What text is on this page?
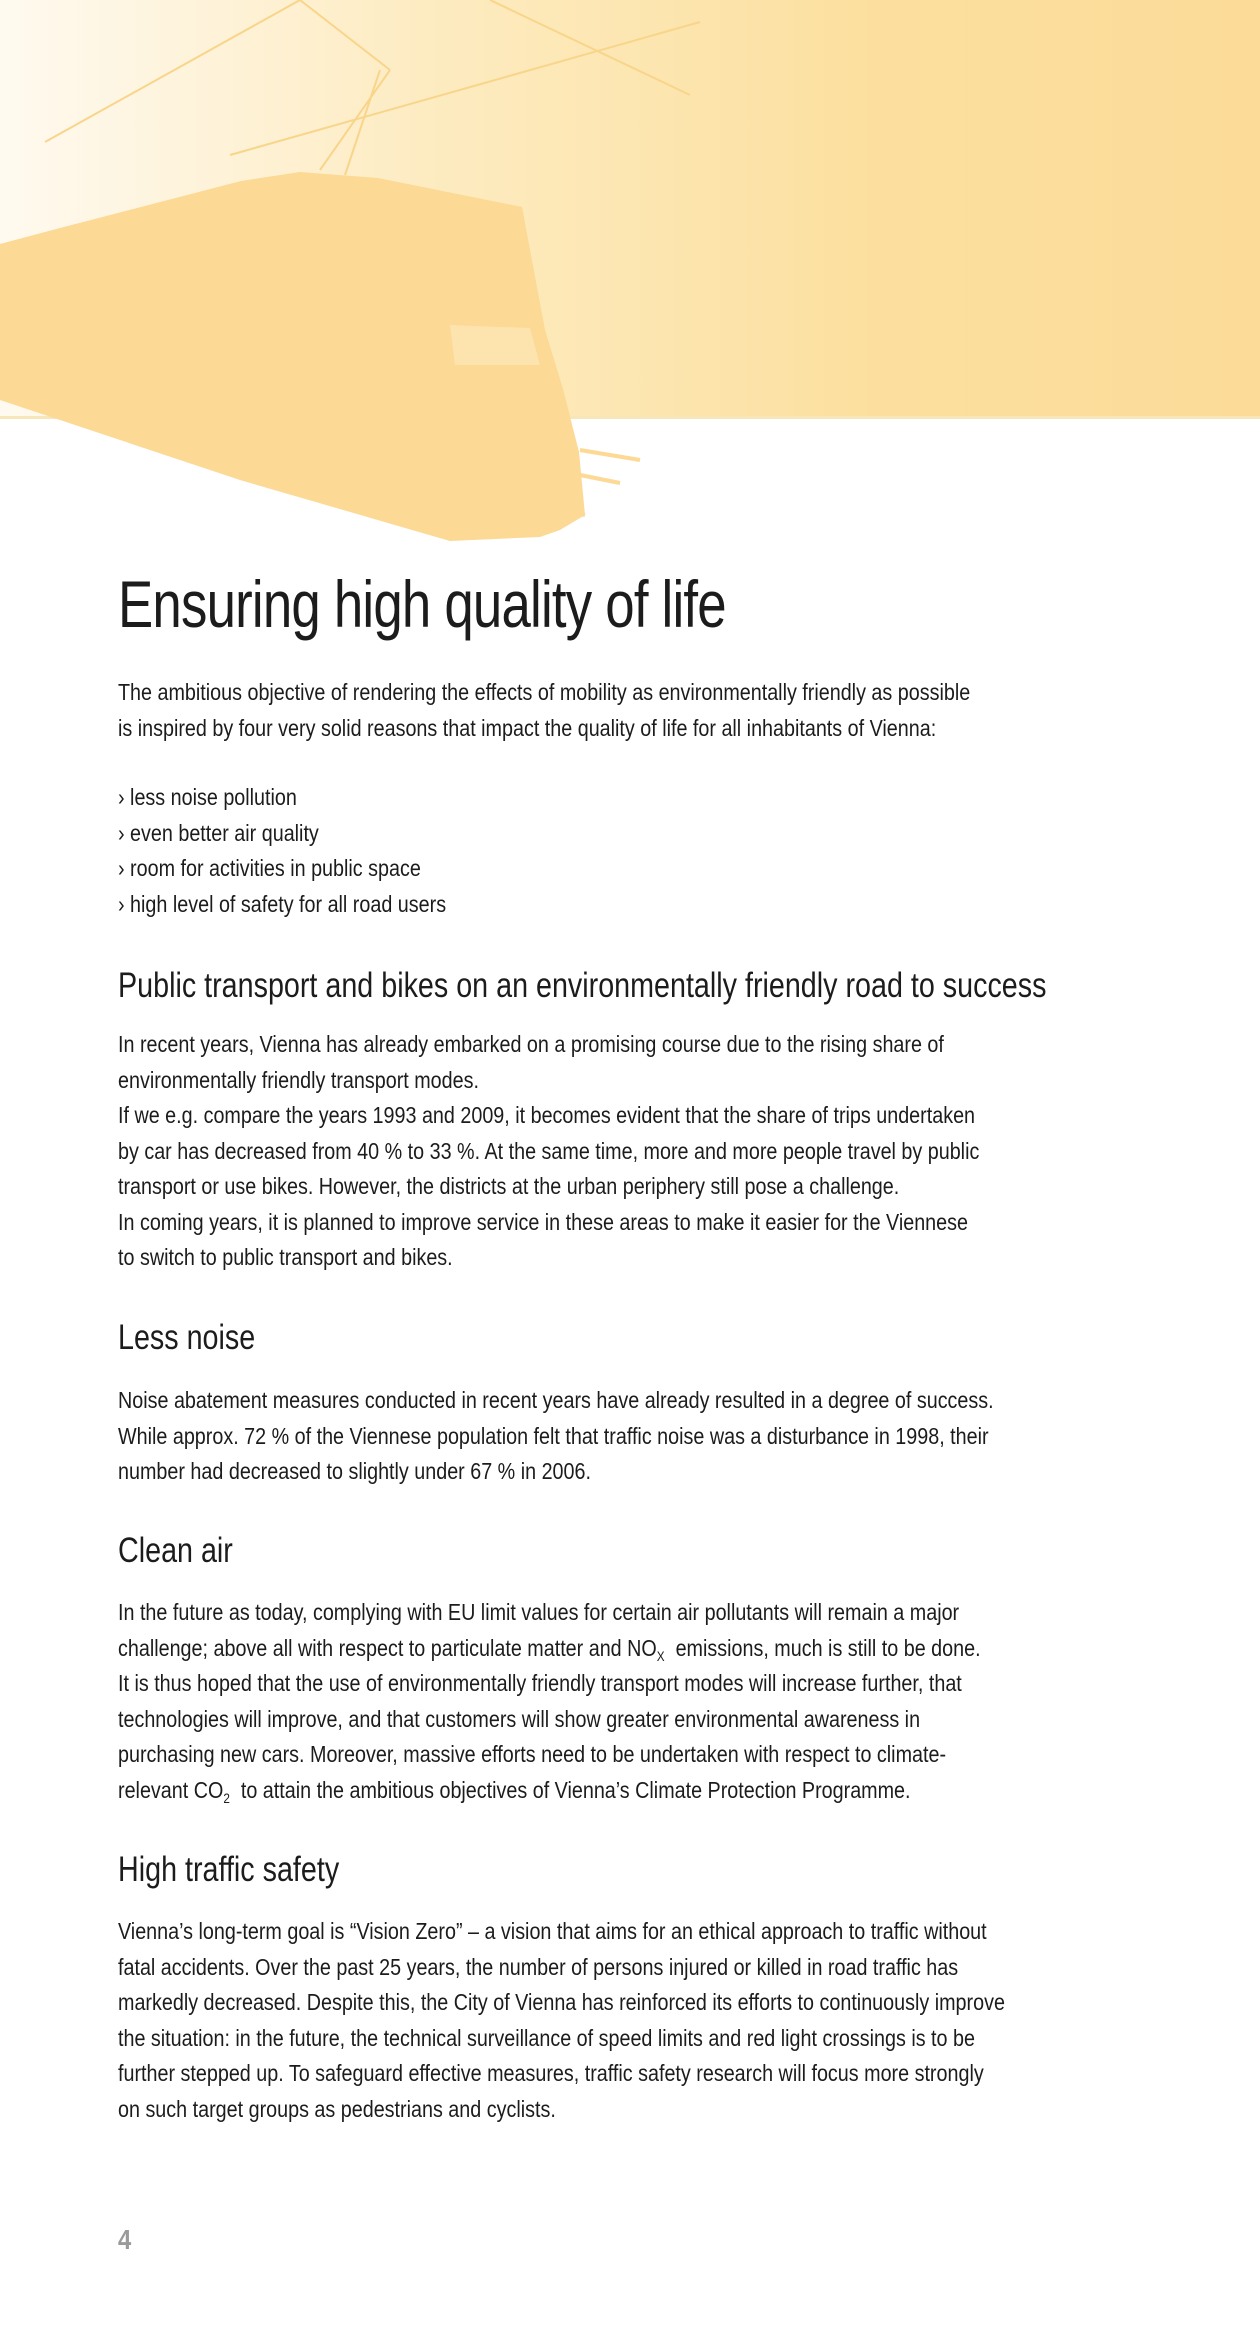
Ensuring high quality of life
The ambitious objective of rendering the effects of mobility as environmentally friendly as possible
is inspired by four very solid reasons that impact the quality of life for all inhabitants of Vienna:
› less noise pollution
› even better air quality
› room for activities in public space
› high level of safety for all road users
Public transport and bikes on an environmentally friendly road to success
In recent years, Vienna has already embarked on a promising course due to the rising share of
environmentally friendly transport modes.
If we e.g. compare the years 1993 and 2009, it becomes evident that the share of trips undertaken
by car has decreased from 40 % to 33 %. At the same time, more and more people travel by public
transport or use bikes. However, the districts at the urban periphery still pose a challenge.
In coming years, it is planned to improve service in these areas to make it easier for the Viennese
to switch to public transport and bikes.
Less noise
Noise abatement measures conducted in recent years have already resulted in a degree of success.
While approx. 72 % of the Viennese population felt that traffic noise was a disturbance in 1998, their
number had decreased to slightly under 67 % in 2006.
Clean air
In the future as today, complying with EU limit values for certain air pollutants will remain a major
challenge; above all with respect to particulate matter and $NO_X$  emissions, much is still to be done.
It is thus hoped that the use of environmentally friendly transport modes will increase further, that
technologies will improve, and that customers will show greater environmental awareness in
purchasing new cars. Moreover, massive efforts need to be undertaken with respect to climate-
relevant $CO_2$  to attain the ambitious objectives of Vienna’s Climate Protection Programme.
High traffic safety
Vienna’s long-term goal is “Vision Zero” – a vision that aims for an ethical approach to traffic without
fatal accidents. Over the past 25 years, the number of persons injured or killed in road traffic has
markedly decreased. Despite this, the City of Vienna has reinforced its efforts to continuously improve
the situation: in the future, the technical surveillance of speed limits and red light crossings is to be
further stepped up. To safeguard effective measures, traffic safety research will focus more strongly
on such target groups as pedestrians and cyclists.
4
